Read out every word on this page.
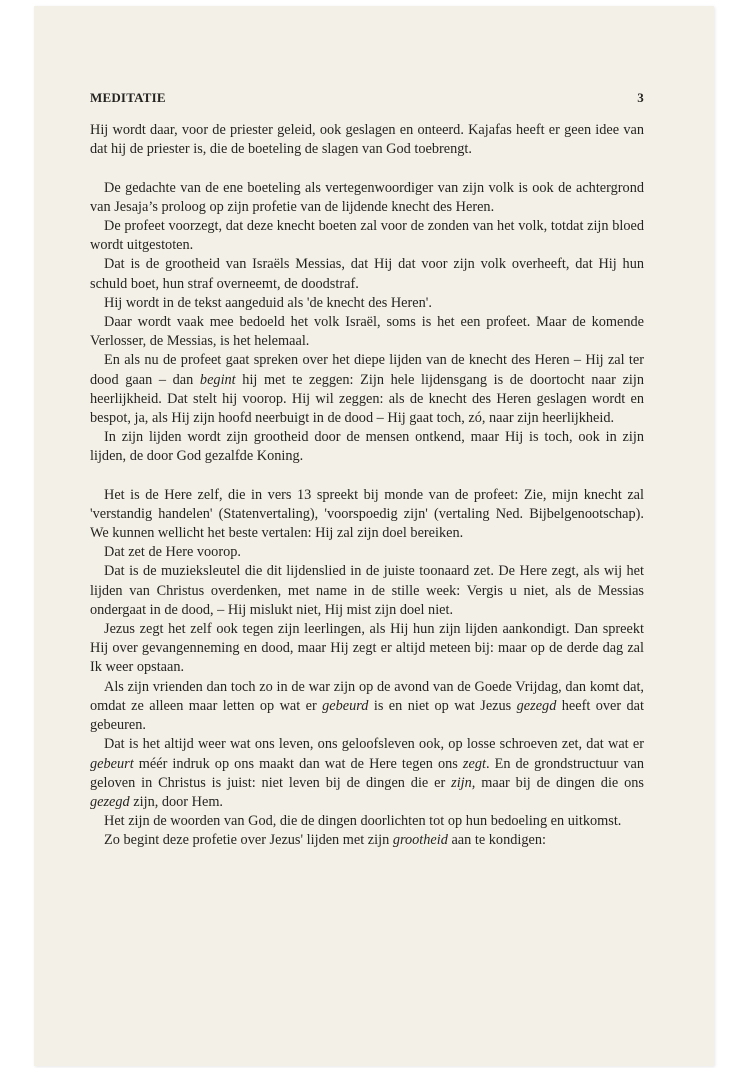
MEDITATIE	3

Hij wordt daar, voor de priester geleid, ook geslagen en onteerd. Kajafas heeft er geen idee van dat hij de priester is, die de boeteling de slagen van God toebrengt.

De gedachte van de ene boeteling als vertegenwoordiger van zijn volk is ook de achtergrond van Jesaja’s proloog op zijn profetie van de lijdende knecht des Heren.

De profeet voorzegt, dat deze knecht boeten zal voor de zonden van het volk, totdat zijn bloed wordt uitgestoten.

Dat is de grootheid van Israëls Messias, dat Hij dat voor zijn volk overheeft, dat Hij hun schuld boet, hun straf overneemt, de doodstraf.

Hij wordt in de tekst aangeduid als 'de knecht des Heren'.

Daar wordt vaak mee bedoeld het volk Israël, soms is het een profeet. Maar de komende Verlosser, de Messias, is het helemaal.

En als nu de profeet gaat spreken over het diepe lijden van de knecht des Heren – Hij zal ter dood gaan – dan begint hij met te zeggen: Zijn hele lijdensgang is de doortocht naar zijn heerlijkheid. Dat stelt hij voorop. Hij wil zeggen: als de knecht des Heren geslagen wordt en bespot, ja, als Hij zijn hoofd neerbuigt in de dood – Hij gaat toch, zó, naar zijn heerlijkheid.

In zijn lijden wordt zijn grootheid door de mensen ontkend, maar Hij is toch, ook in zijn lijden, de door God gezalfde Koning.

Het is de Here zelf, die in vers 13 spreekt bij monde van de profeet: Zie, mijn knecht zal 'verstandig handelen' (Statenvertaling), 'voorspoedig zijn' (vertaling Ned. Bijbelgenootschap). We kunnen wellicht het beste vertalen: Hij zal zijn doel bereiken.

Dat zet de Here voorop.

Dat is de muzieksleutel die dit lijdenslied in de juiste toonaard zet. De Here zegt, als wij het lijden van Christus overdenken, met name in de stille week: Vergis u niet, als de Messias ondergaat in de dood, – Hij mislukt niet, Hij mist zijn doel niet.

Jezus zegt het zelf ook tegen zijn leerlingen, als Hij hun zijn lijden aankondigt. Dan spreekt Hij over gevangenneming en dood, maar Hij zegt er altijd meteen bij: maar op de derde dag zal Ik weer opstaan.

Als zijn vrienden dan toch zo in de war zijn op de avond van de Goede Vrijdag, dan komt dat, omdat ze alleen maar letten op wat er gebeurd is en niet op wat Jezus gezegd heeft over dat gebeuren.

Dat is het altijd weer wat ons leven, ons geloofsleven ook, op losse schroeven zet, dat wat er gebeurt méér indruk op ons maakt dan wat de Here tegen ons zegt. En de grondstructuur van geloven in Christus is juist: niet leven bij de dingen die er zijn, maar bij de dingen die ons gezegd zijn, door Hem.

Het zijn de woorden van God, die de dingen doorlichten tot op hun bedoeling en uitkomst.

Zo begint deze profetie over Jezus' lijden met zijn grootheid aan te kondigen:
